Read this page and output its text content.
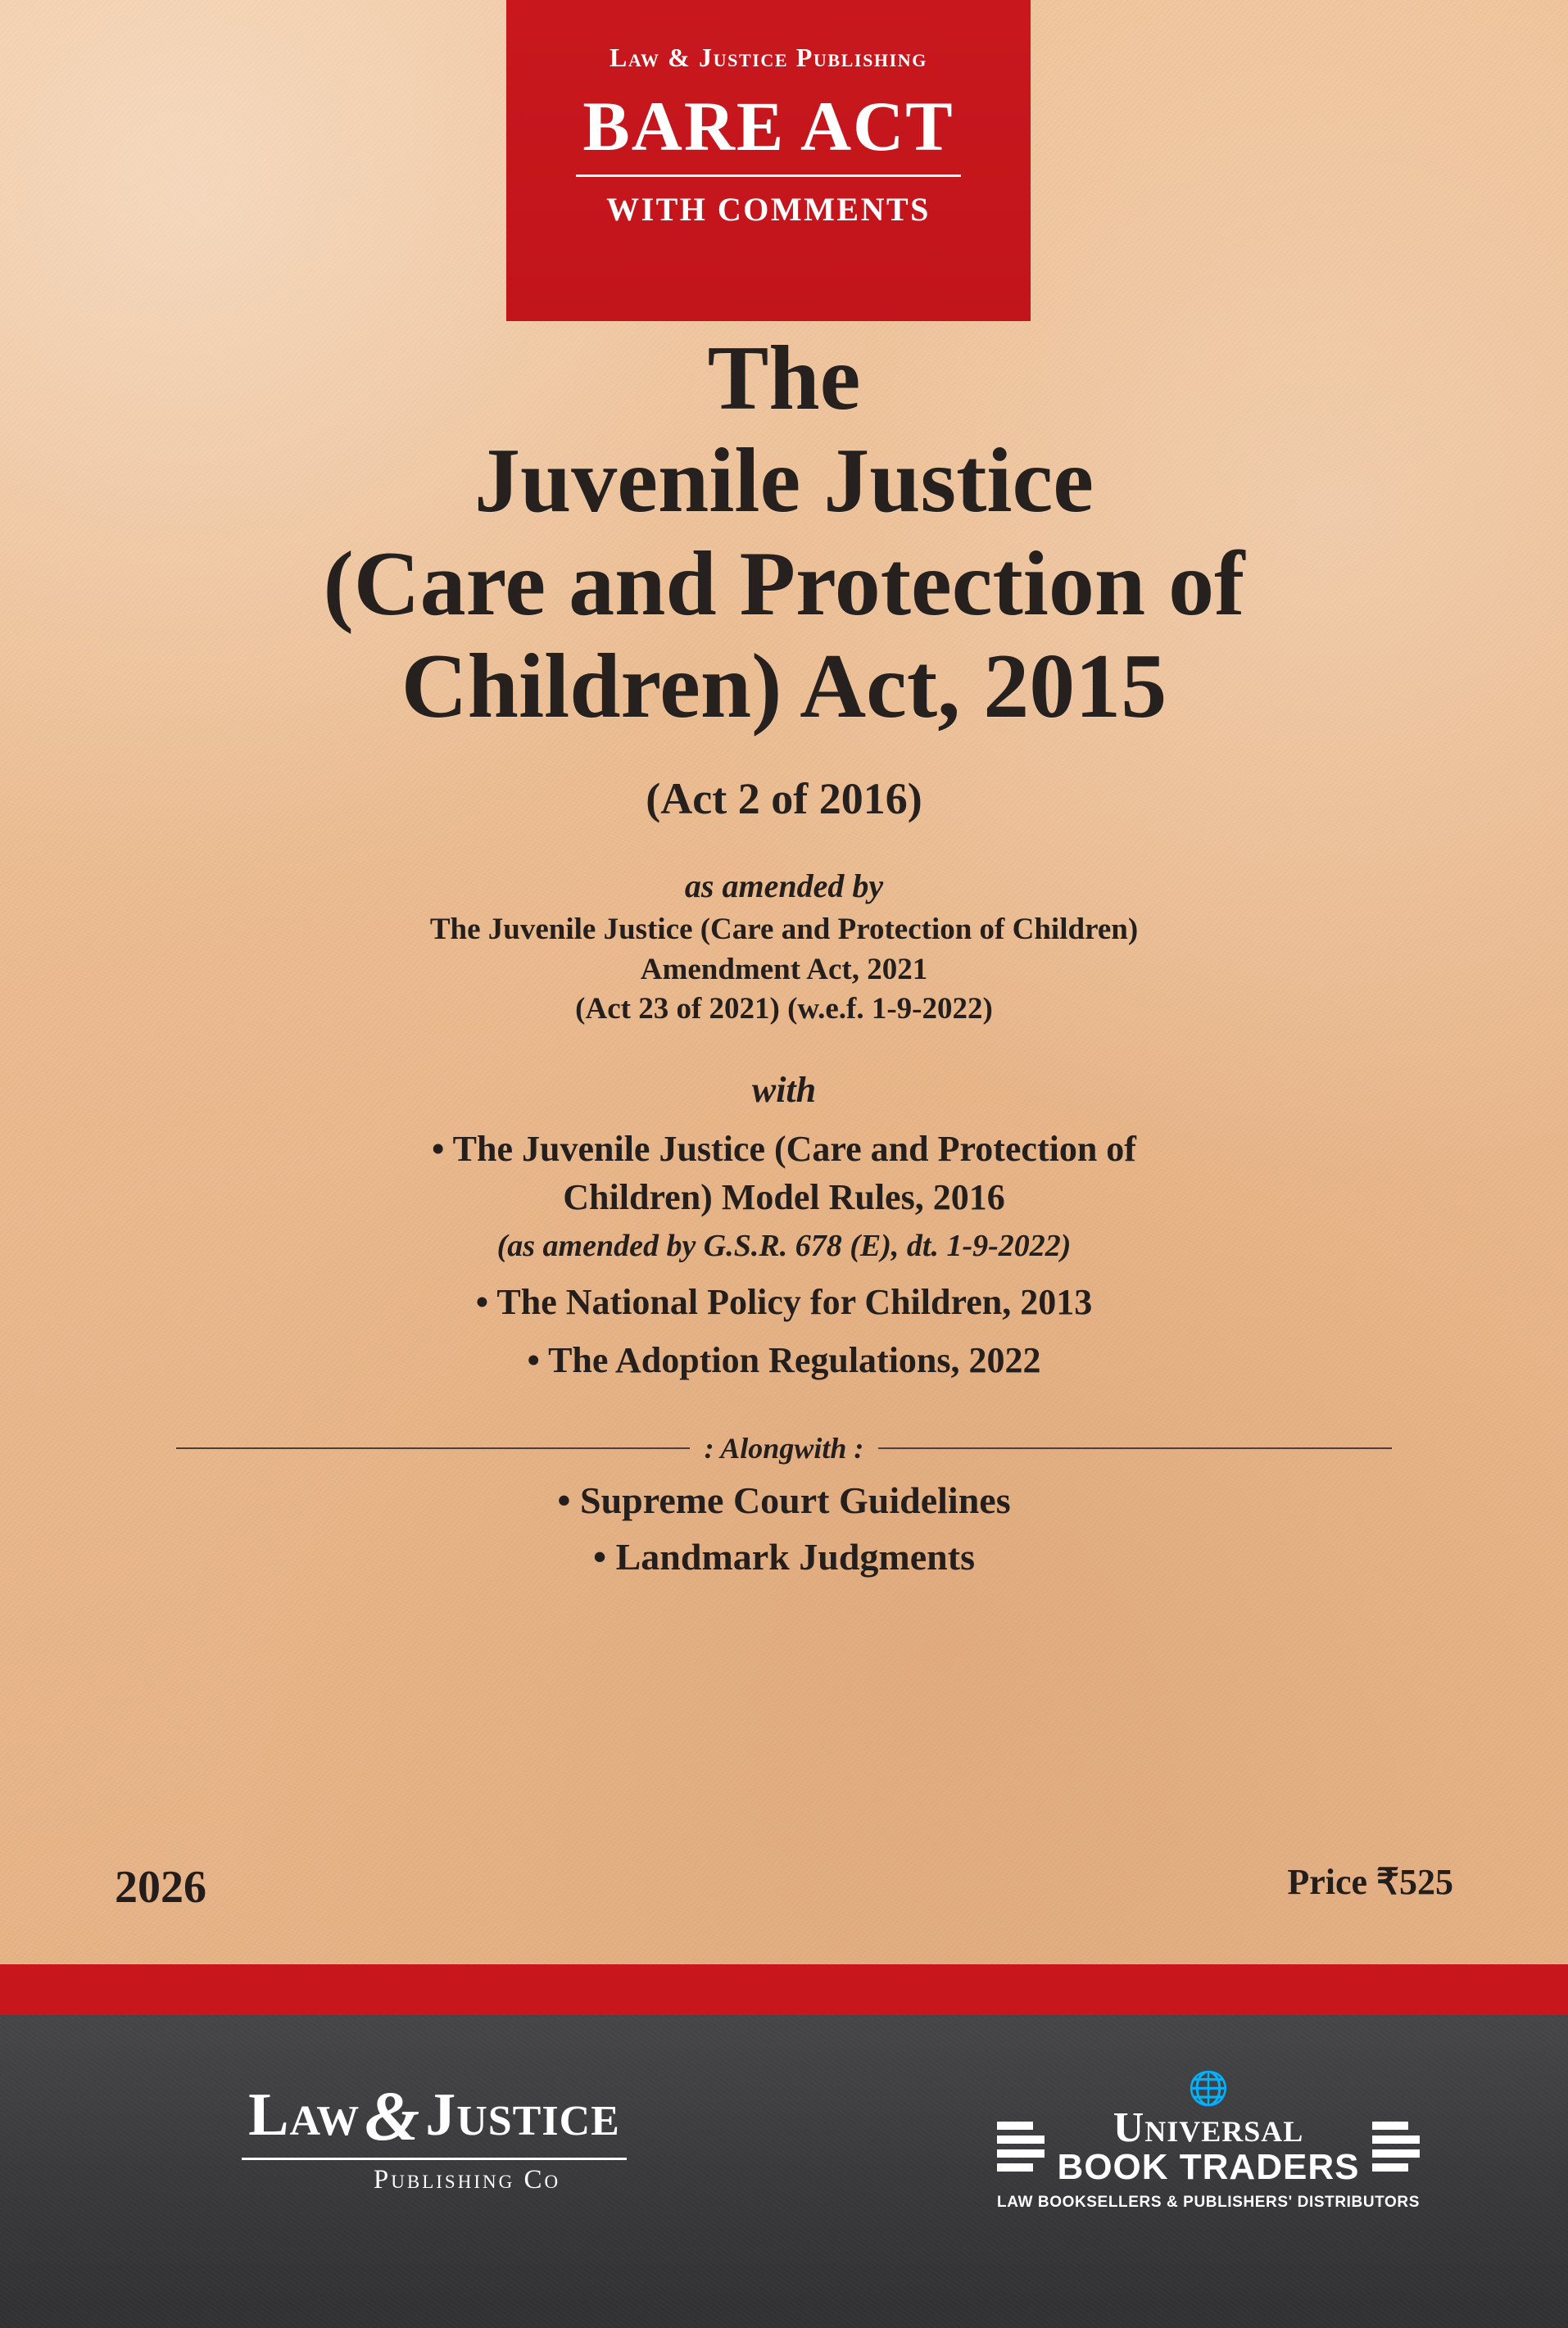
Law & Justice Publishing
BARE ACT
WITH COMMENTS
The
Juvenile Justice
(Care and Protection of
Children) Act, 2015
(Act 2 of 2016)
as amended by
The Juvenile Justice (Care and Protection of Children)
Amendment Act, 2021
(Act 23 of 2021) (w.e.f. 1-9-2022)
with
• The Juvenile Justice (Care and Protection of
Children) Model Rules, 2016
(as amended by G.S.R. 678 (E), dt. 1-9-2022)
• The National Policy for Children, 2013
• The Adoption Regulations, 2022
: Alongwith :
• Supreme Court Guidelines
• Landmark Judgments
2026	Price ₹525
Law&Justice
Publishing Co
🌐
Universal
BOOK TRADERS
LAW BOOKSELLERS & PUBLISHERS' DISTRIBUTORS
